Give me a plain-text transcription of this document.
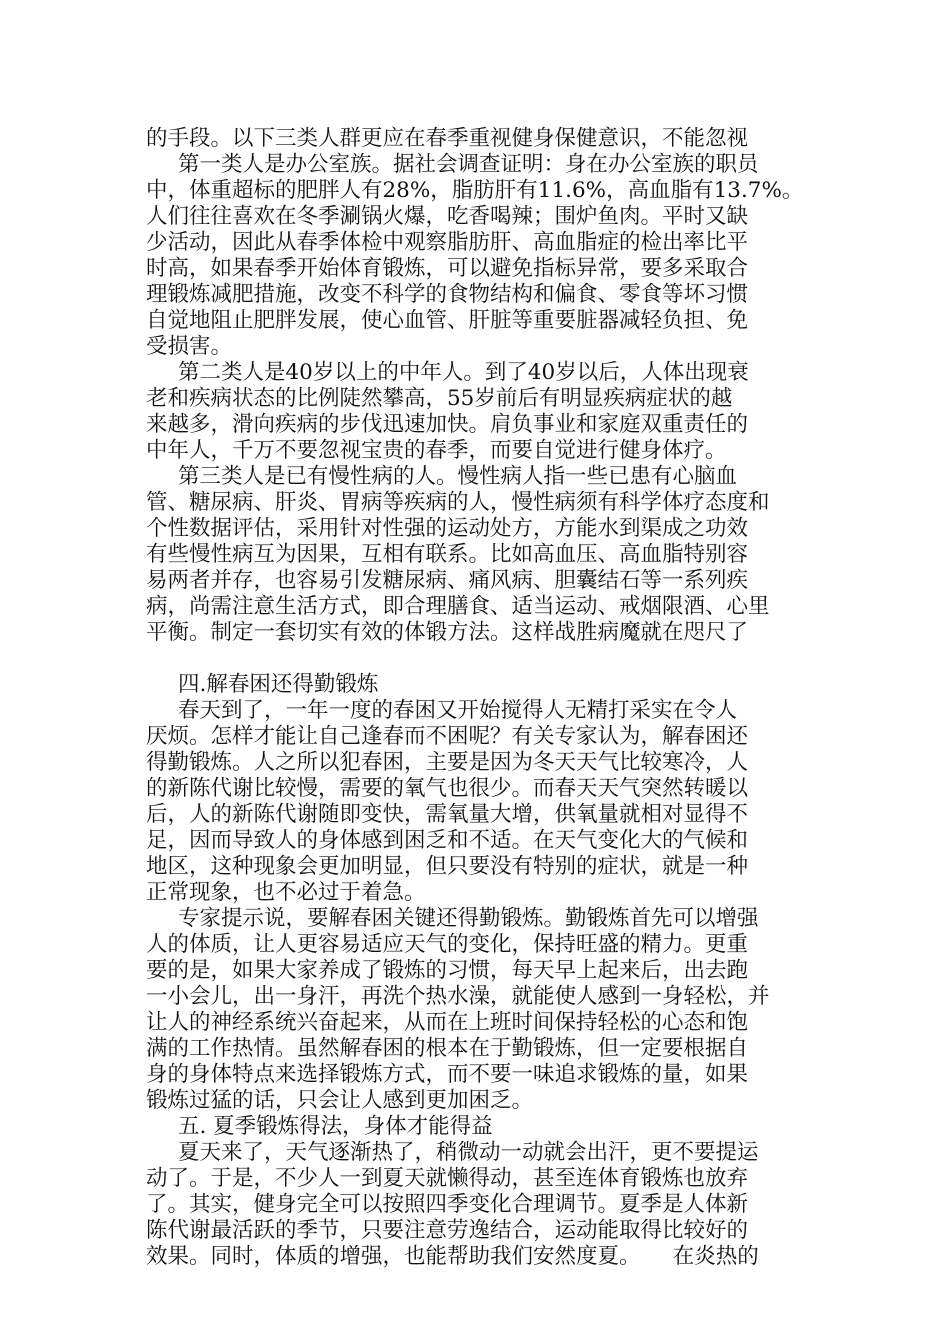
的手段。以下三类人群更应在春季重视健身保健意识，不能忽视
第一类人是办公室族。据社会调查证明：身在办公室族的职员
中，体重超标的肥胖人有28%，脂肪肝有11.6%，高血脂有13.7%。
人们往往喜欢在冬季涮锅火爆，吃香喝辣；围炉鱼肉。平时又缺
少活动，因此从春季体检中观察脂肪肝、高血脂症的检出率比平
时高，如果春季开始体育锻炼，可以避免指标异常，要多采取合
理锻炼减肥措施，改变不科学的食物结构和偏食、零食等坏习惯
自觉地阻止肥胖发展，使心血管、肝脏等重要脏器减轻负担、免
受损害。
第二类人是40岁以上的中年人。到了40岁以后，人体出现衰
老和疾病状态的比例陡然攀高，55岁前后有明显疾病症状的越
来越多，滑向疾病的步伐迅速加快。肩负事业和家庭双重责任的
中年人，千万不要忽视宝贵的春季，而要自觉进行健身体疗。
第三类人是已有慢性病的人。慢性病人指一些已患有心脑血
管、糖尿病、肝炎、胃病等疾病的人，慢性病须有科学体疗态度和
个性数据评估，采用针对性强的运动处方，方能水到渠成之功效
有些慢性病互为因果，互相有联系。比如高血压、高血脂特别容
易两者并存，也容易引发糖尿病、痛风病、胆囊结石等一系列疾
病，尚需注意生活方式，即合理膳食、适当运动、戒烟限酒、心里
平衡。制定一套切实有效的体锻方法。这样战胜病魔就在咫尺了
四.解春困还得勤锻炼
春天到了，一年一度的春困又开始搅得人无精打采实在令人
厌烦。怎样才能让自己逢春而不困呢？有关专家认为，解春困还
得勤锻炼。人之所以犯春困，主要是因为冬天天气比较寒冷，人
的新陈代谢比较慢，需要的氧气也很少。而春天天气突然转暖以
后，人的新陈代谢随即变快，需氧量大增，供氧量就相对显得不
足，因而导致人的身体感到困乏和不适。在天气变化大的气候和
地区，这种现象会更加明显，但只要没有特别的症状，就是一种
正常现象，也不必过于着急。
专家提示说，要解春困关键还得勤锻炼。勤锻炼首先可以增强
人的体质，让人更容易适应天气的变化，保持旺盛的精力。更重
要的是，如果大家养成了锻炼的习惯，每天早上起来后，出去跑
一小会儿，出一身汗，再洗个热水澡，就能使人感到一身轻松，并
让人的神经系统兴奋起来，从而在上班时间保持轻松的心态和饱
满的工作热情。虽然解春困的根本在于勤锻炼，但一定要根据自
身的身体特点来选择锻炼方式，而不要一味追求锻炼的量，如果
锻炼过猛的话，只会让人感到更加困乏。
五. 夏季锻炼得法，身体才能得益
夏天来了，天气逐渐热了，稍微动一动就会出汗，更不要提运
动了。于是，不少人一到夏天就懒得动，甚至连体育锻炼也放弃
了。其实，健身完全可以按照四季变化合理调节。夏季是人体新
陈代谢最活跃的季节，只要注意劳逸结合，运动能取得比较好的
效果。同时，体质的增强，也能帮助我们安然度夏。　　在炎热的
